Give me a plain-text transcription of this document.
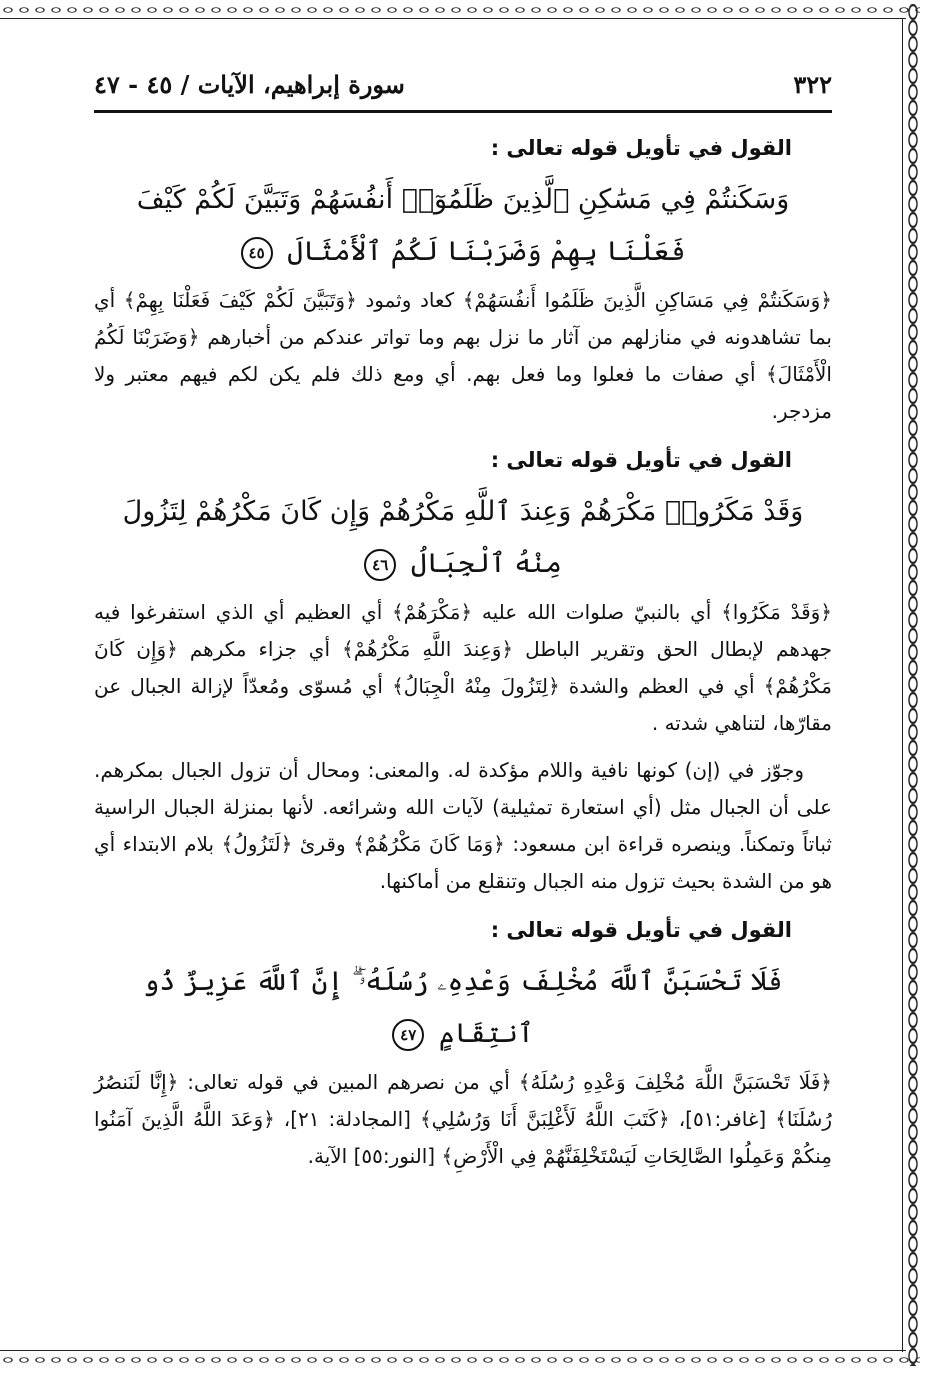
٣٢٢
سورة إبراهيم، الآيات / ٤٥ - ٤٧
القول في تأويل قوله تعالى :
وَسَكَنتُمْ فِي مَسَٰكِنِ ٱلَّذِينَ ظَلَمُوٓا۟ أَنفُسَهُمْ وَتَبَيَّنَ لَكُمْ كَيْفَ
فَعَلْنَا بِهِمْ وَضَرَبْنَا لَكُمُ ٱلْأَمْثَالَ ٤٥

﴿وَسَكَنتُمْ فِي مَسَاكِنِ الَّذِينَ ظَلَمُوا أَنفُسَهُمْ﴾ كعاد وثمود ﴿وَتَبَيَّنَ لَكُمْ كَيْفَ فَعَلْنَا بِهِمْ﴾ أي بما تشاهدونه في منازلهم من آثار ما نزل بهم وما تواتر عندكم من أخبارهم ﴿وَضَرَبْنَا لَكُمُ الْأَمْثَالَ﴾ أي صفات ما فعلوا وما فعل بهم. أي ومع ذلك فلم يكن لكم فيهم معتبر ولا مزدجر.

القول في تأويل قوله تعالى :
وَقَدْ مَكَرُوا۟ مَكْرَهُمْ وَعِندَ ٱللَّهِ مَكْرُهُمْ وَإِن كَانَ مَكْرُهُمْ لِتَزُولَ
مِنْهُ ٱلْجِبَالُ ٤٦

﴿وَقَدْ مَكَرُوا﴾ أي بالنبيّ صلوات الله عليه ﴿مَكْرَهُمْ﴾ أي العظيم أي الذي استفرغوا فيه جهدهم لإبطال الحق وتقرير الباطل ﴿وَعِندَ اللَّهِ مَكْرُهُمْ﴾ أي جزاء مكرهم ﴿وَإِن كَانَ مَكْرُهُمْ﴾ أي في العظم والشدة ﴿لِتَزُولَ مِنْهُ الْجِبَالُ﴾ أي مُسوّى ومُعدّاً لإزالة الجبال عن مقارّها، لتناهي شدته .

وجوّز في (إن) كونها نافية واللام مؤكدة له. والمعنى: ومحال أن تزول الجبال بمكرهم. على أن الجبال مثل (أي استعارة تمثيلية) لآيات الله وشرائعه. لأنها بمنزلة الجبال الراسية ثباتاً وتمكناً. وينصره قراءة ابن مسعود: ﴿وَمَا كَانَ مَكْرُهُمْ﴾ وقرئ ﴿لَتَزُولُ﴾ بلام الابتداء أي هو من الشدة بحيث تزول منه الجبال وتنقلع من أماكنها.

القول في تأويل قوله تعالى :
فَلَا تَحْسَبَنَّ ٱللَّهَ مُخْلِفَ وَعْدِهِۦ رُسُلَهُۥٓ ۗ إِنَّ ٱللَّهَ عَزِيزٌ ذُو ٱنتِقَامٍ ٤٧

﴿فَلَا تَحْسَبَنَّ اللَّهَ مُخْلِفَ وَعْدِهِ رُسُلَهُ﴾ أي من نصرهم المبين في قوله تعالى: ﴿إِنَّا لَنَنصُرُ رُسُلَنَا﴾ [غافر:٥١]، ﴿كَتَبَ اللَّهُ لَأَغْلِبَنَّ أَنَا وَرُسُلِي﴾ [المجادلة: ٢١]، ﴿وَعَدَ اللَّهُ الَّذِينَ آمَنُوا مِنكُمْ وَعَمِلُوا الصَّالِحَاتِ لَيَسْتَخْلِفَنَّهُمْ فِي الْأَرْضِ﴾ [النور:٥٥] الآية.
